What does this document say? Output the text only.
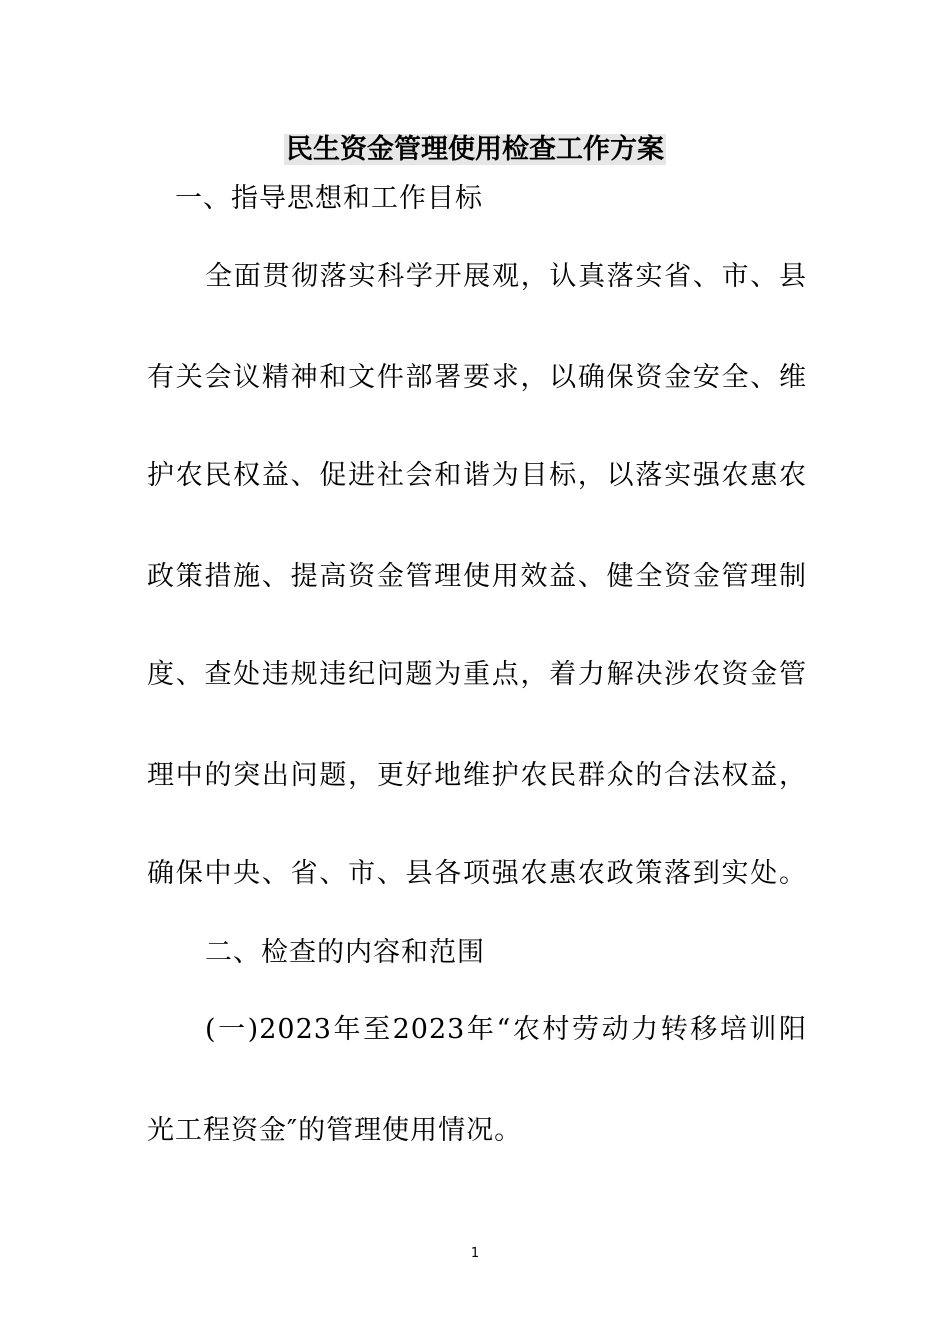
民生资金管理使用检查工作方案
一、指导思想和工作目标
全面贯彻落实科学开展观，认真落实省、市、县
有关会议精神和文件部署要求，以确保资金安全、维
护农民权益、促进社会和谐为目标，以落实强农惠农
政策措施、提高资金管理使用效益、健全资金管理制
度、查处违规违纪问题为重点，着力解决涉农资金管
理中的突出问题，更好地维护农民群众的合法权益，
确保中央、省、市、县各项强农惠农政策落到实处。
二、检查的内容和范围
(一)2023年至2023年“农村劳动力转移培训阳
光工程资金″的管理使用情况。
1
